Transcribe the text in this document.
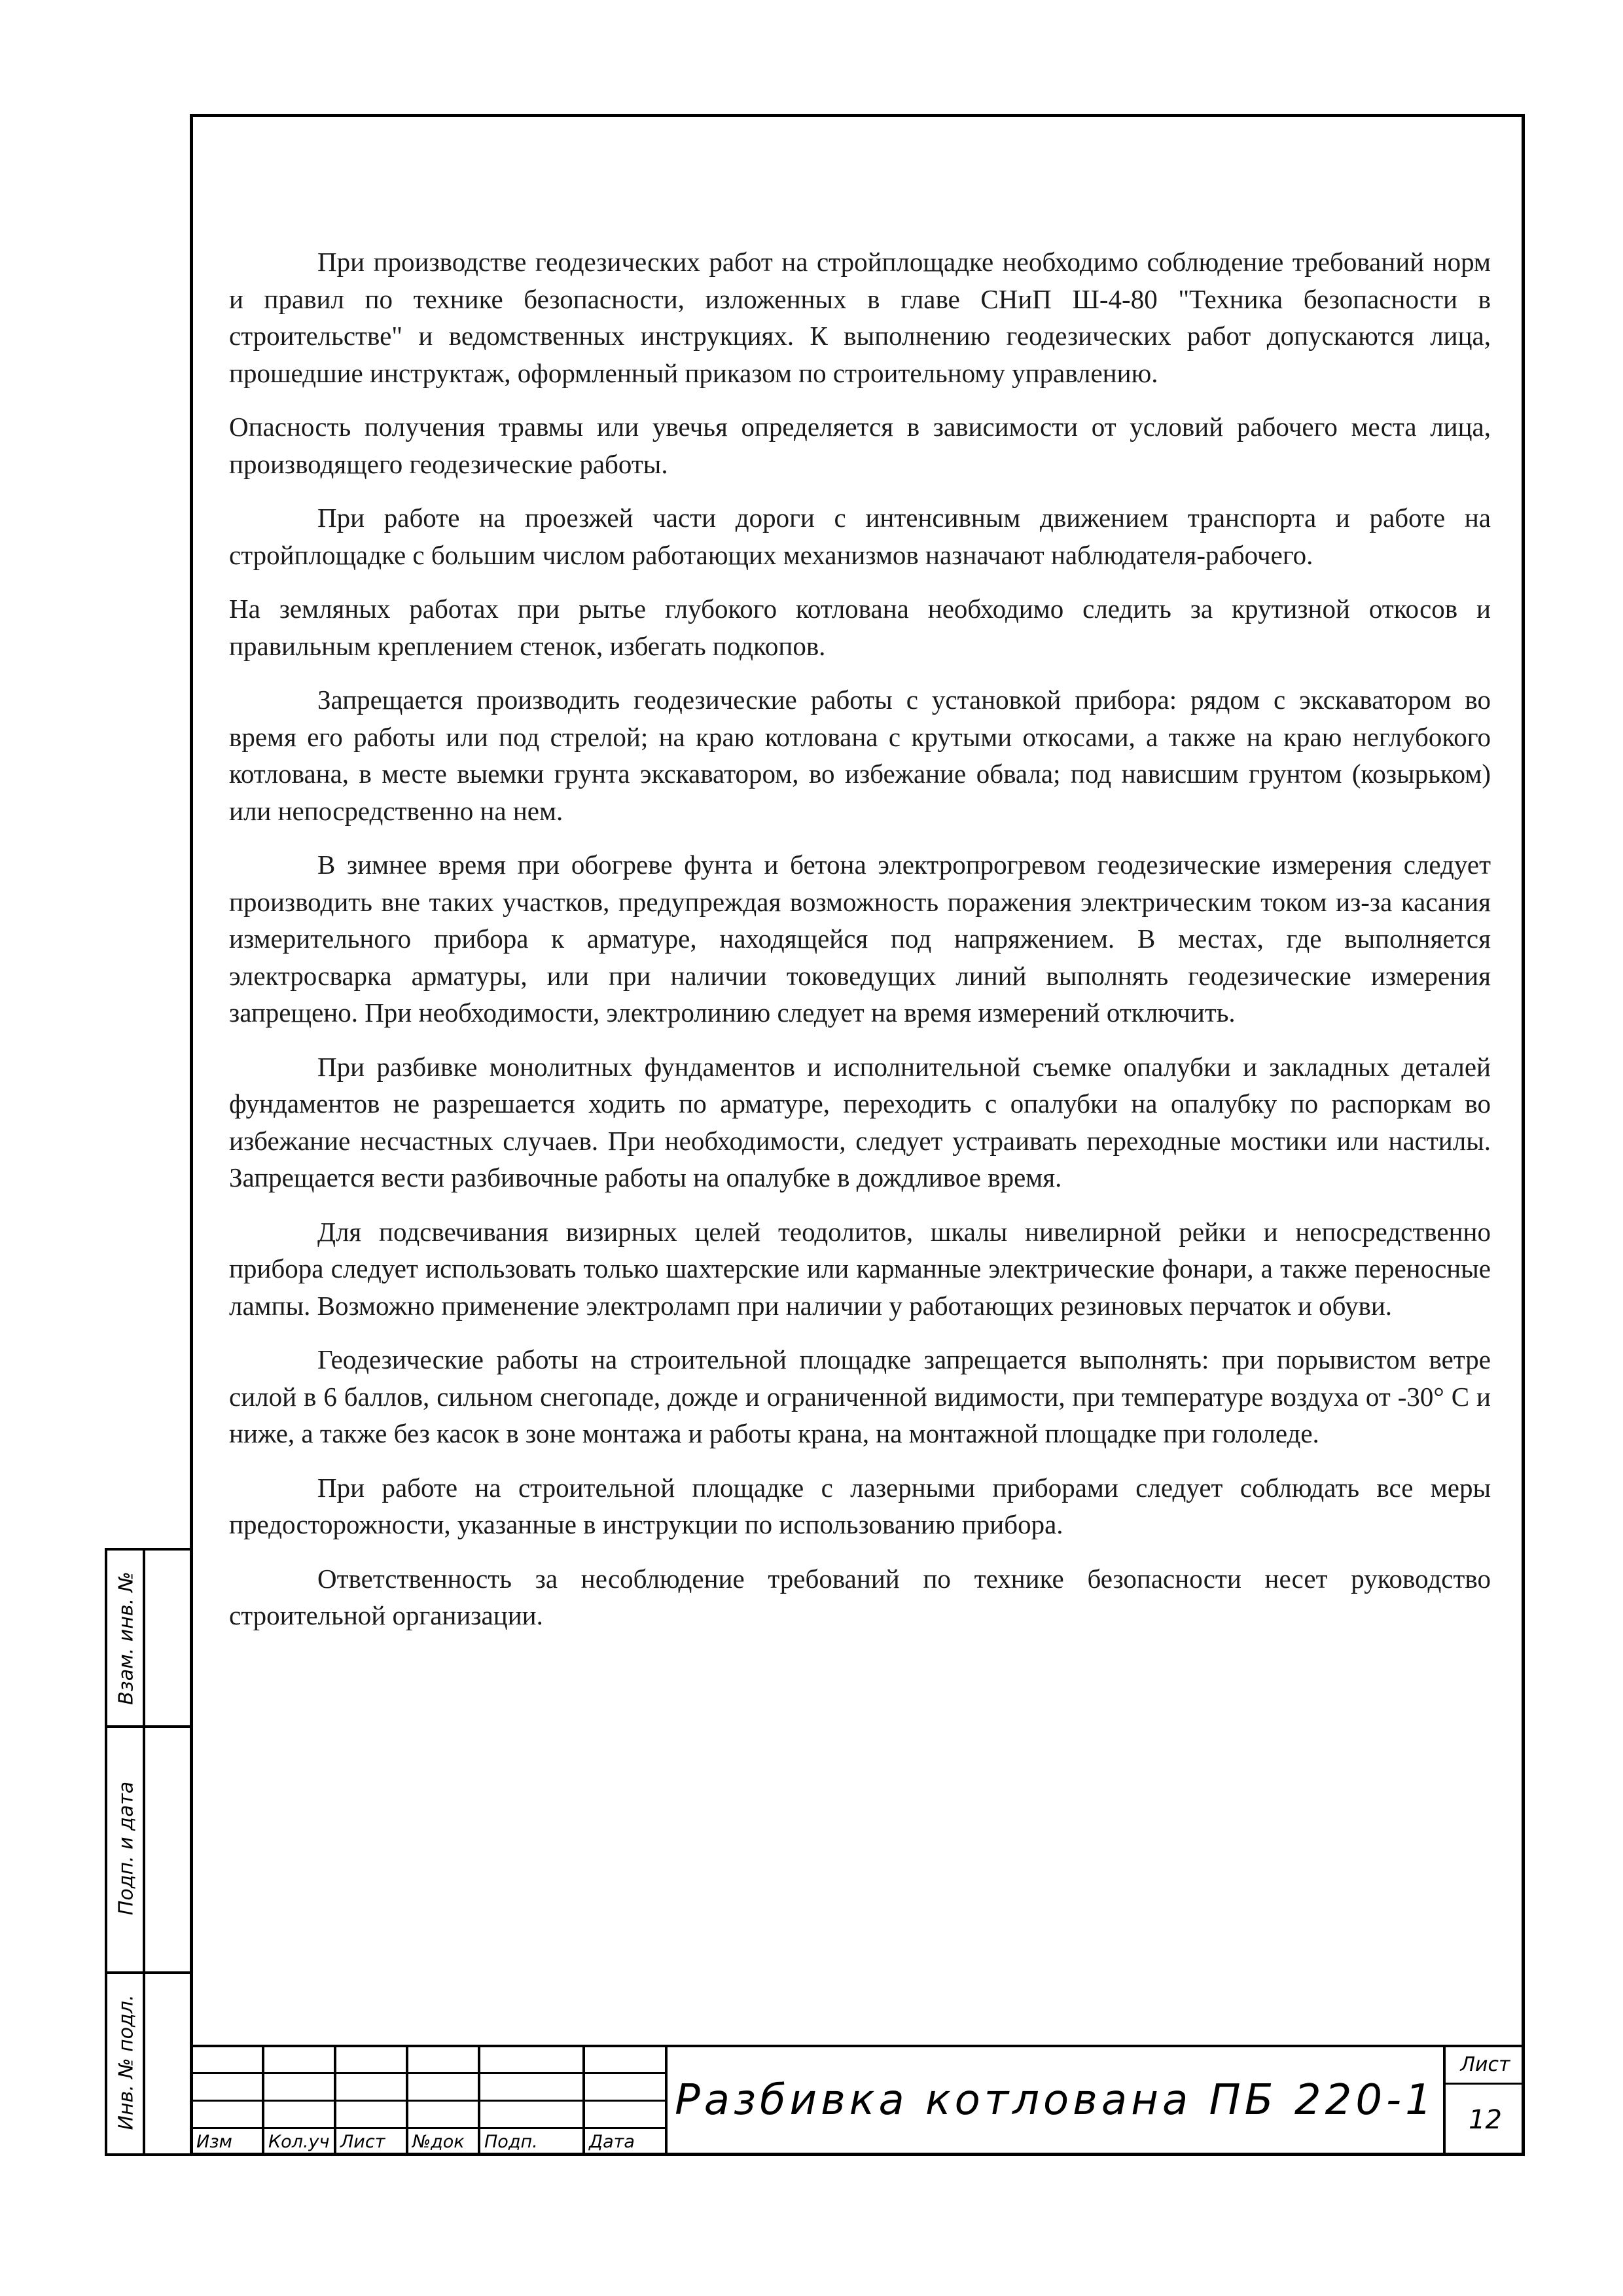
При производстве геодезических работ на стройплощадке необходимо соблюдение требований норм и правил по технике безопасности, изложенных в главе СНиП Ш-4-80 "Техника безопасности в строительстве" и ведомственных инструкциях. К выполнению геодезических работ допускаются лица, прошедшие инструктаж, оформленный приказом по строительному управлению.

Опасность получения травмы или увечья определяется в зависимости от условий рабочего места лица, производящего геодезические работы.

При работе на проезжей части дороги с интенсивным движением транспорта и работе на стройплощадке с большим числом работающих механизмов назначают наблюдателя-рабочего.

На земляных работах при рытье глубокого котлована необходимо следить за крутизной откосов и правильным креплением стенок, избегать подкопов.

Запрещается производить геодезические работы с установкой прибора: рядом с экскаватором во время его работы или под стрелой; на краю котлована с крутыми откосами, а также на краю неглубокого котлована, в месте выемки грунта экскаватором, во избежание обвала; под нависшим грунтом (козырьком) или непосредственно на нем.

В зимнее время при обогреве фунта и бетона электропрогревом геодезические измерения следует производить вне таких участков, предупреждая возможность поражения электрическим током из-за касания измерительного прибора к арматуре, находящейся под напряжением. В местах, где выполняется электросварка арматуры, или при наличии токоведущих линий выполнять геодезические измерения запрещено. При необходимости, электролинию следует на время измерений отключить.

При разбивке монолитных фундаментов и исполнительной съемке опалубки и закладных деталей фундаментов не разрешается ходить по арматуре, переходить с опалубки на опалубку по распоркам во избежание несчастных случаев. При необходимости, следует устраивать переходные мостики или настилы. Запрещается вести разбивочные работы на опалубке в дождливое время.

Для подсвечивания визирных целей теодолитов, шкалы нивелирной рейки и непосредственно прибора следует использовать только шахтерские или карманные электрические фонари, а также переносные лампы. Возможно применение электроламп при наличии у работающих резиновых перчаток и обуви.

Геодезические работы на строительной площадке запрещается выполнять: при порывистом ветре силой в 6 баллов, сильном снегопаде, дожде и ограниченной видимости, при температуре воздуха от -30° С и ниже, а также без касок в зоне монтажа и работы крана, на монтажной площадке при гололеде.

При работе на строительной площадке с лазерными приборами следует соблюдать все меры предосторожности, указанные в инструкции по использованию прибора.

Ответственность за несоблюдение требований по технике безопасности несет руководство строительной организации.

Взам. инв. №
Подп. и дата
Инв. № подл.
Изм	Кол.уч Лист	№док	Подп.	Дата
Разбивка котлована ПБ 220-1
Лист
12
